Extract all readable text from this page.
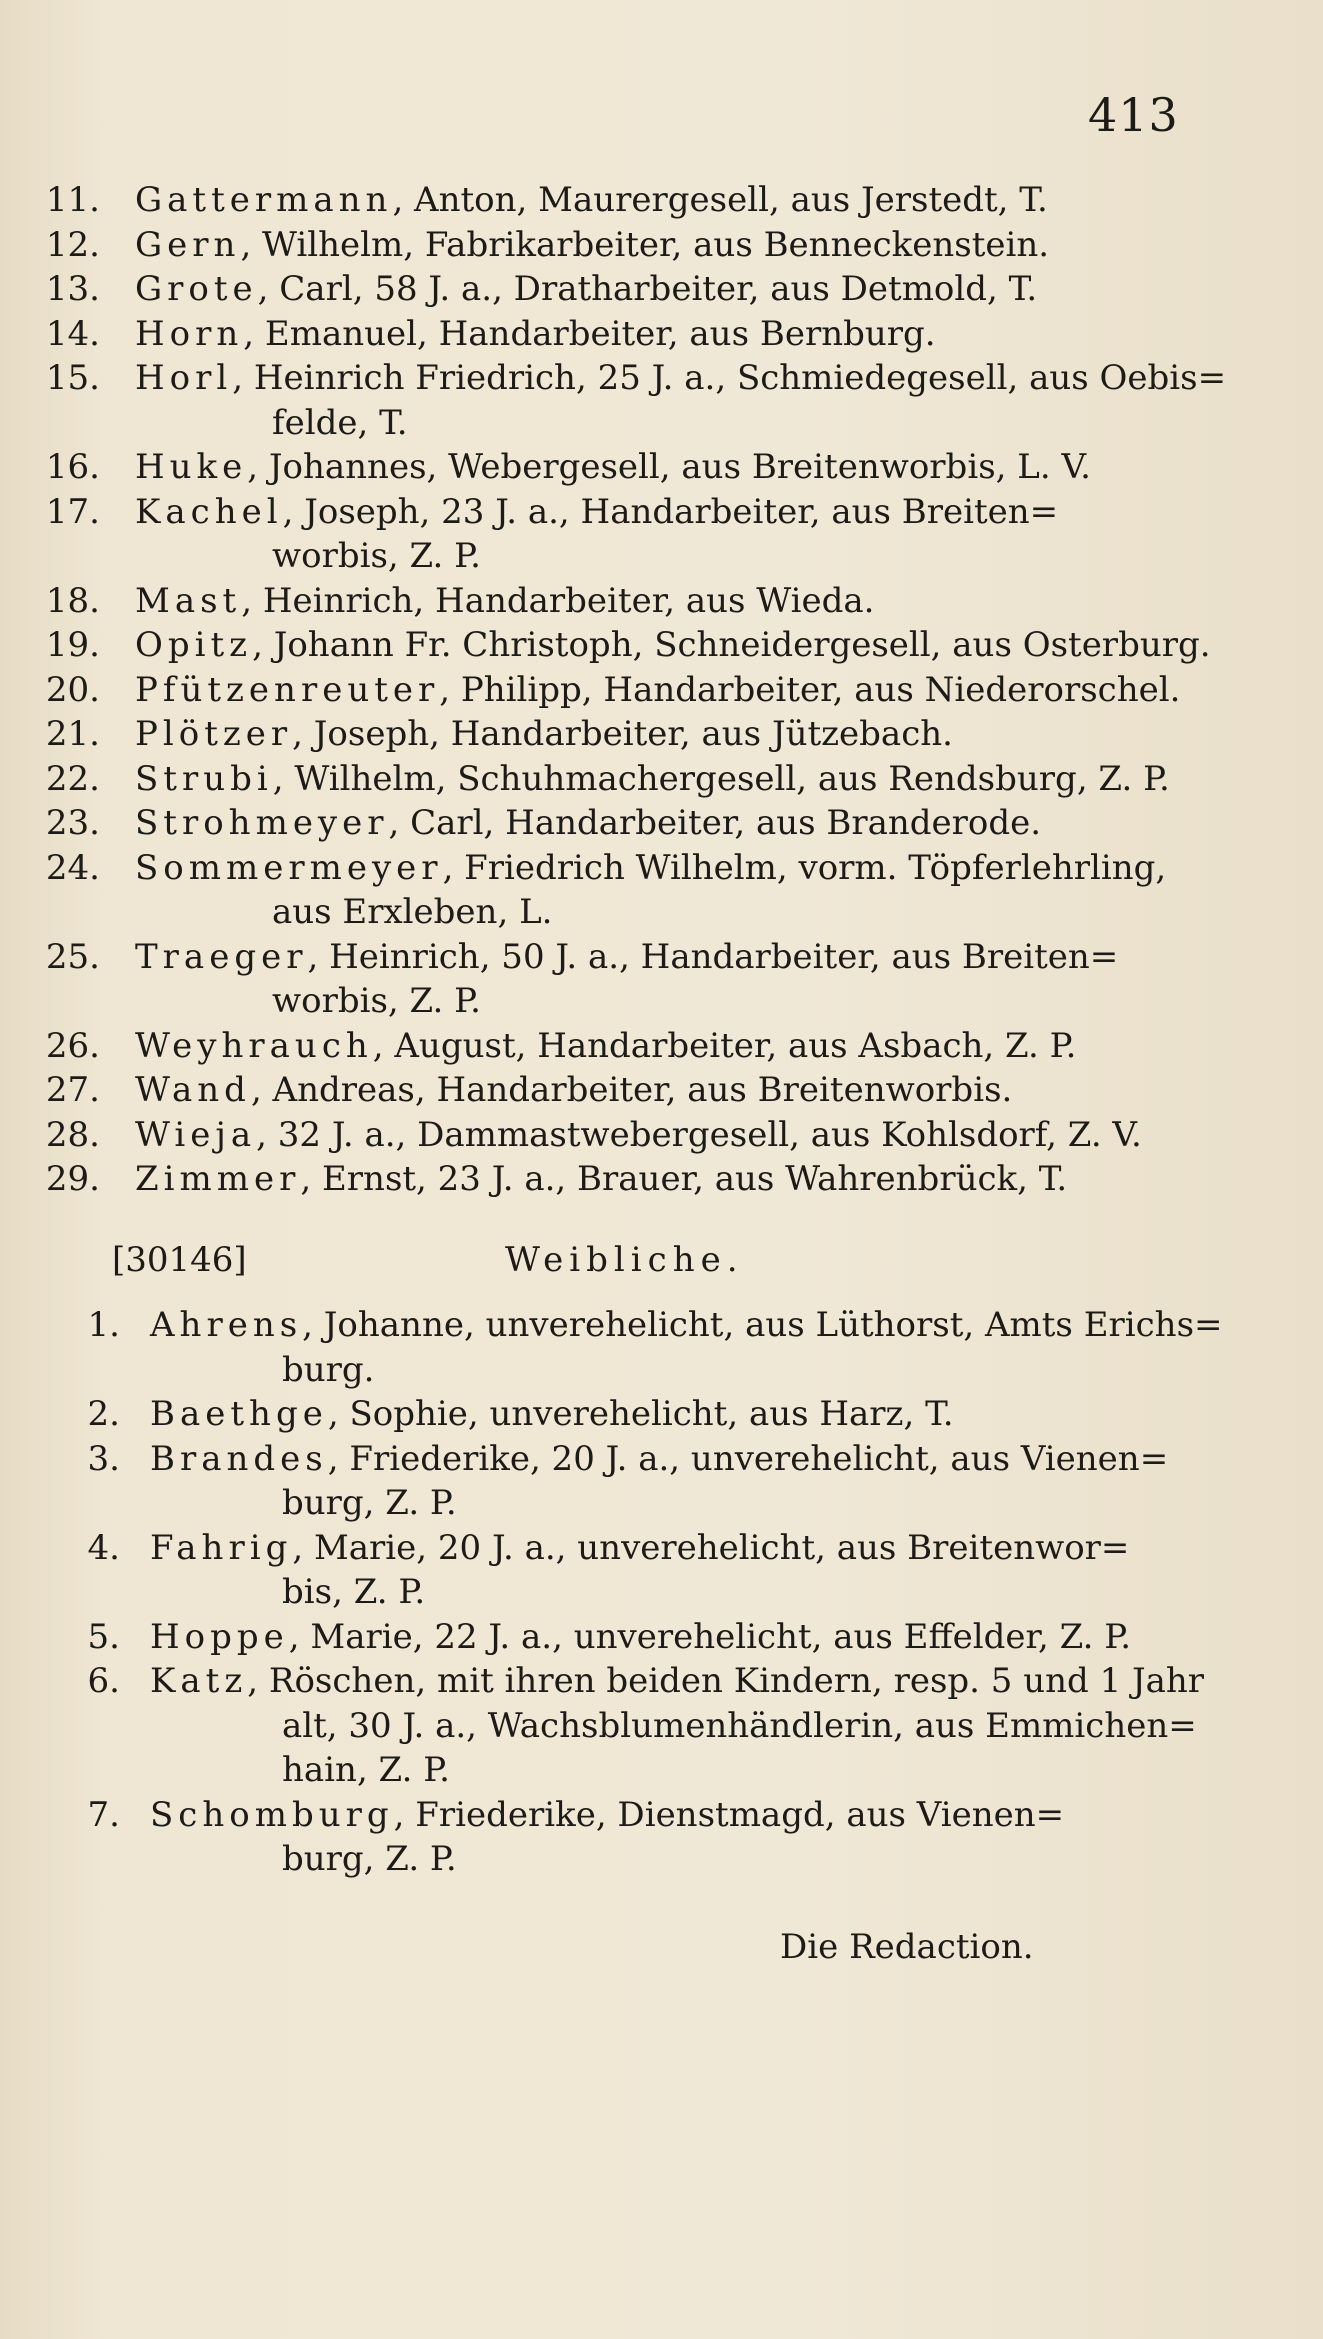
413
11. Gattermann, Anton, Maurergesell, aus Jerstedt, T.
12. Gern, Wilhelm, Fabrikarbeiter, aus Benneckenstein.
13. Grote, Carl, 58 J. a., Dratharbeiter, aus Detmold, T.
14. Horn, Emanuel, Handarbeiter, aus Bernburg.
15. Horl, Heinrich Friedrich, 25 J. a., Schmiedegesell, aus Oebis=
felde, T.
16. Huke, Johannes, Webergesell, aus Breitenworbis, L. V.
17. Kachel, Joseph, 23 J. a., Handarbeiter, aus Breiten=
worbis, Z. P.
18. Mast, Heinrich, Handarbeiter, aus Wieda.
19. Opitz, Johann Fr. Christoph, Schneidergesell, aus Osterburg.
20. Pfützenreuter, Philipp, Handarbeiter, aus Niederorschel.
21. Plötzer, Joseph, Handarbeiter, aus Jützebach.
22. Strubi, Wilhelm, Schuhmachergesell, aus Rendsburg, Z. P.
23. Strohmeyer, Carl, Handarbeiter, aus Branderode.
24. Sommermeyer, Friedrich Wilhelm, vorm. Töpferlehrling,
aus Erxleben, L.
25. Traeger, Heinrich, 50 J. a., Handarbeiter, aus Breiten=
worbis, Z. P.
26. Weyhrauch, August, Handarbeiter, aus Asbach, Z. P.
27. Wand, Andreas, Handarbeiter, aus Breitenworbis.
28. Wieja, 32 J. a., Dammastwebergesell, aus Kohlsdorf, Z. V.
29. Zimmer, Ernst, 23 J. a., Brauer, aus Wahrenbrück, T.
[30146]	Weibliche.
1. Ahrens, Johanne, unverehelicht, aus Lüthorst, Amts Erichs=
burg.
2. Baethge, Sophie, unverehelicht, aus Harz, T.
3. Brandes, Friederike, 20 J. a., unverehelicht, aus Vienen=
burg, Z. P.
4. Fahrig, Marie, 20 J. a., unverehelicht, aus Breitenwor=
bis, Z. P.
5. Hoppe, Marie, 22 J. a., unverehelicht, aus Effelder, Z. P.
6. Katz, Röschen, mit ihren beiden Kindern, resp. 5 und 1 Jahr
alt, 30 J. a., Wachsblumenhändlerin, aus Emmichen=
hain, Z. P.
7. Schomburg, Friederike, Dienstmagd, aus Vienen=
burg, Z. P.
Die Redaction.
